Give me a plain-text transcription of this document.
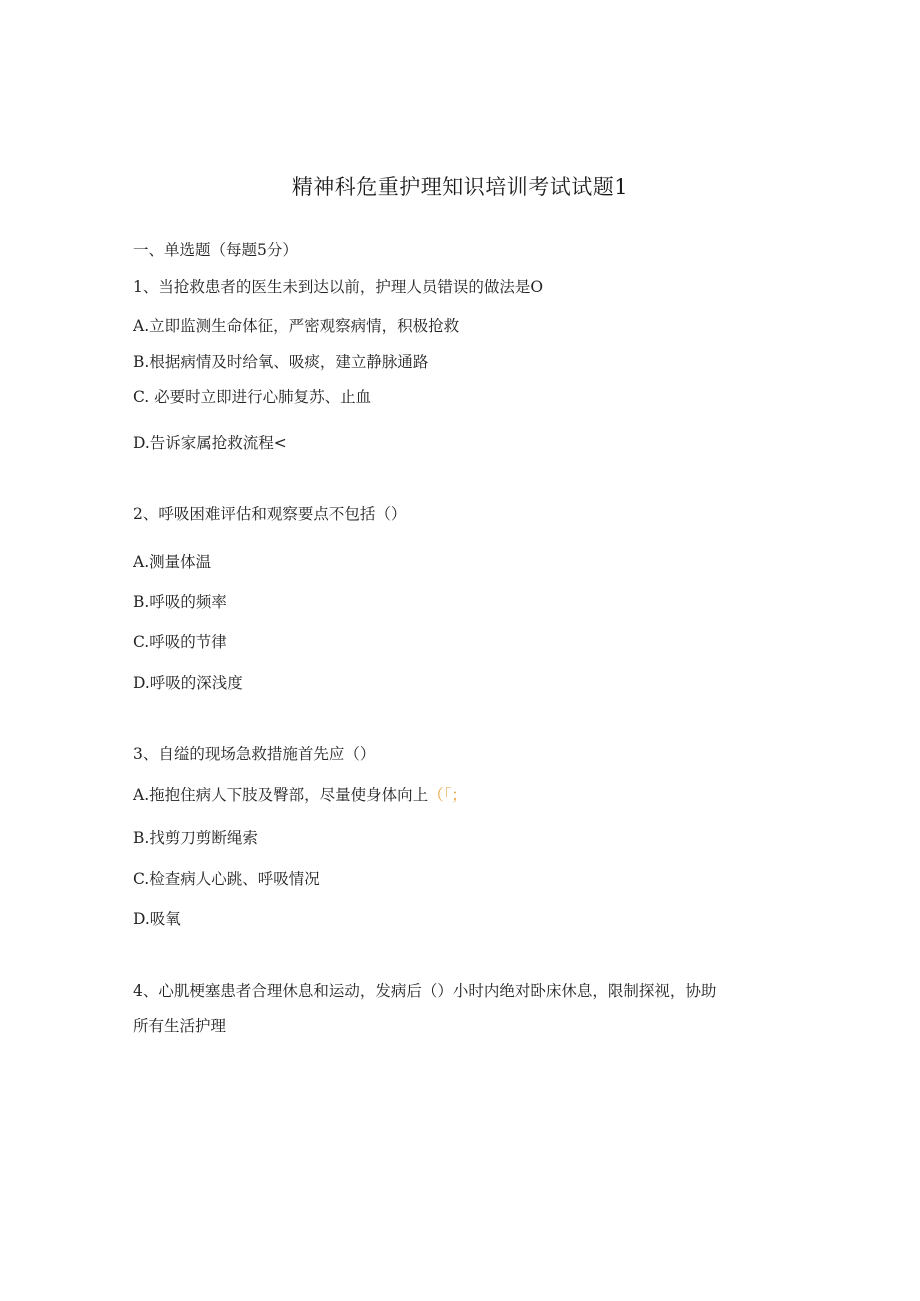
精神科危重护理知识培训考试试题1
一、单选题（每题5分）
1、当抢救患者的医生未到达以前，护理人员错误的做法是O
A.立即监测生命体征，严密观察病情，积极抢救
B.根据病情及时给氧、吸痰，建立静脉通路
C. 必要时立即进行心肺复苏、止血
D.告诉家属抢救流程<
2、呼吸困难评估和观察要点不包括（）
A.测量体温
B.呼吸的频率
C.呼吸的节律
D.呼吸的深浅度
3、自缢的现场急救措施首先应（）
A.拖抱住病人下肢及臀部，尽量使身体向上（「；
B.找剪刀剪断绳索
C.检查病人心跳、呼吸情况
D.吸氧
4、心肌梗塞患者合理休息和运动，发病后（）小时内绝对卧床休息，限制探视，协助
所有生活护理
